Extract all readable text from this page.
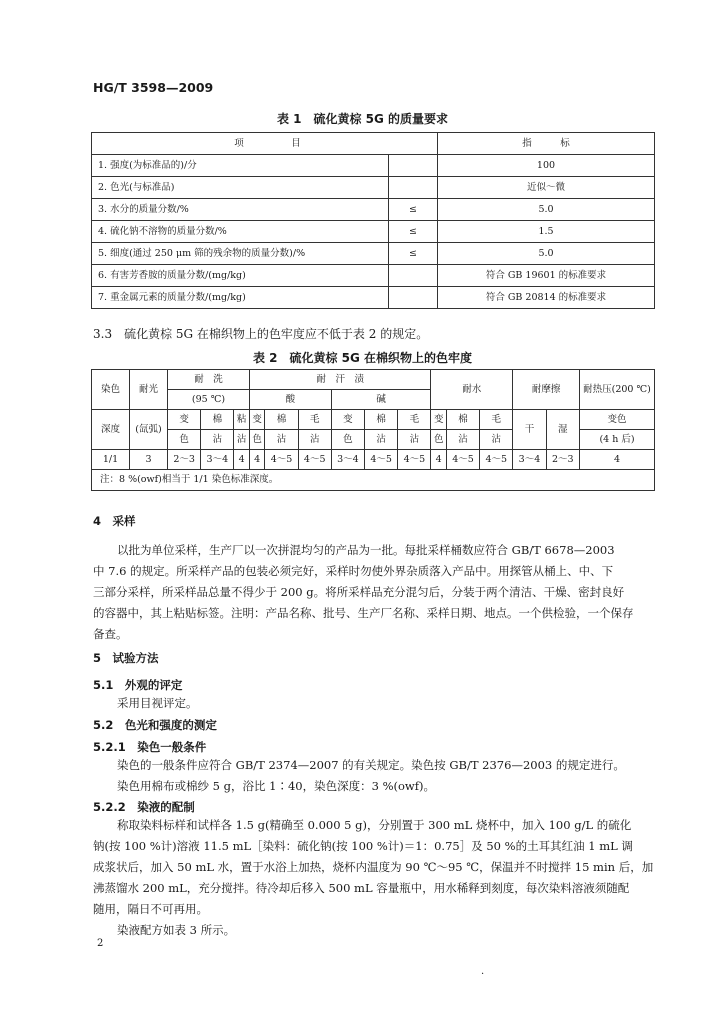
HG/T 3598—2009
表 1　硫化黄棕 5G 的质量要求
项　　　　　目		指　　　标
1. 强度(为标准品的)/分		100
2. 色光(与标准品)		近似～微
3. 水分的质量分数/%	≤	5.0
4. 硫化钠不溶物的质量分数/%	≤	1.5
5. 细度(通过 250 μm 筛的残余物的质量分数)/%	≤	5.0
6. 有害芳香胺的质量分数/(mg/kg)		符合 GB 19601 的标准要求
7. 重金属元素的质量分数/(mg/kg)		符合 GB 20814 的标准要求
3.3　硫化黄棕 5G 在棉织物上的色牢度应不低于表 2 的规定。
表 2　硫化黄棕 5G 在棉织物上的色牢度
染色	耐光	耐　洗			耐　汗　渍						耐水			耐摩擦		耐热压(200 ℃)
		(95 ℃)			酸			碱								
深度	(氙弧)	变	棉	粘	变	棉	毛	变	棉	毛	变	棉	毛	干	湿	变色
		色	沾	沾	色	沾	沾	色	沾	沾	色	沾	沾			(4 h 后)
1/1	3	2～3	3～4	4	4	4～5	4～5	3～4	4～5	4～5	4	4～5	4～5	3～4	2～3	4
注：8 %(owf)相当于 1/1 染色标准深度。																
4　采样
以批为单位采样，生产厂以一次拼混均匀的产品为一批。每批采样桶数应符合 GB/T 6678—2003
中 7.6 的规定。所采样产品的包装必须完好，采样时勿使外界杂质落入产品中。用探管从桶上、中、下
三部分采样，所采样品总量不得少于 200 g。将所采样品充分混匀后，分装于两个清洁、干燥、密封良好
的容器中，其上粘贴标签。注明：产品名称、批号、生产厂名称、采样日期、地点。一个供检验，一个保存
备查。
5　试验方法
5.1　外观的评定
采用目视评定。
5.2　色光和强度的测定
5.2.1　染色一般条件
染色的一般条件应符合 GB/T 2374—2007 的有关规定。染色按 GB/T 2376—2003 的规定进行。
染色用棉布或棉纱 5 g，浴比 1∶40，染色深度：3 %(owf)。
5.2.2　染液的配制
称取染料标样和试样各 1.5 g(精确至 0.000 5 g)，分别置于 300 mL 烧杯中，加入 100 g/L 的硫化
钠(按 100 %计)溶液 11.5 mL［染料：硫化钠(按 100 %计)＝1：0.75］及 50 %的土耳其红油 1 mL 调
成浆状后，加入 50 mL 水，置于水浴上加热，烧杯内温度为 90 ℃～95 ℃，保温并不时搅拌 15 min 后，加
沸蒸馏水 200 mL，充分搅拌。待冷却后移入 500 mL 容量瓶中，用水稀释到刻度，每次染料溶液须随配
随用，隔日不可再用。
染液配方如表 3 所示。
2
.
